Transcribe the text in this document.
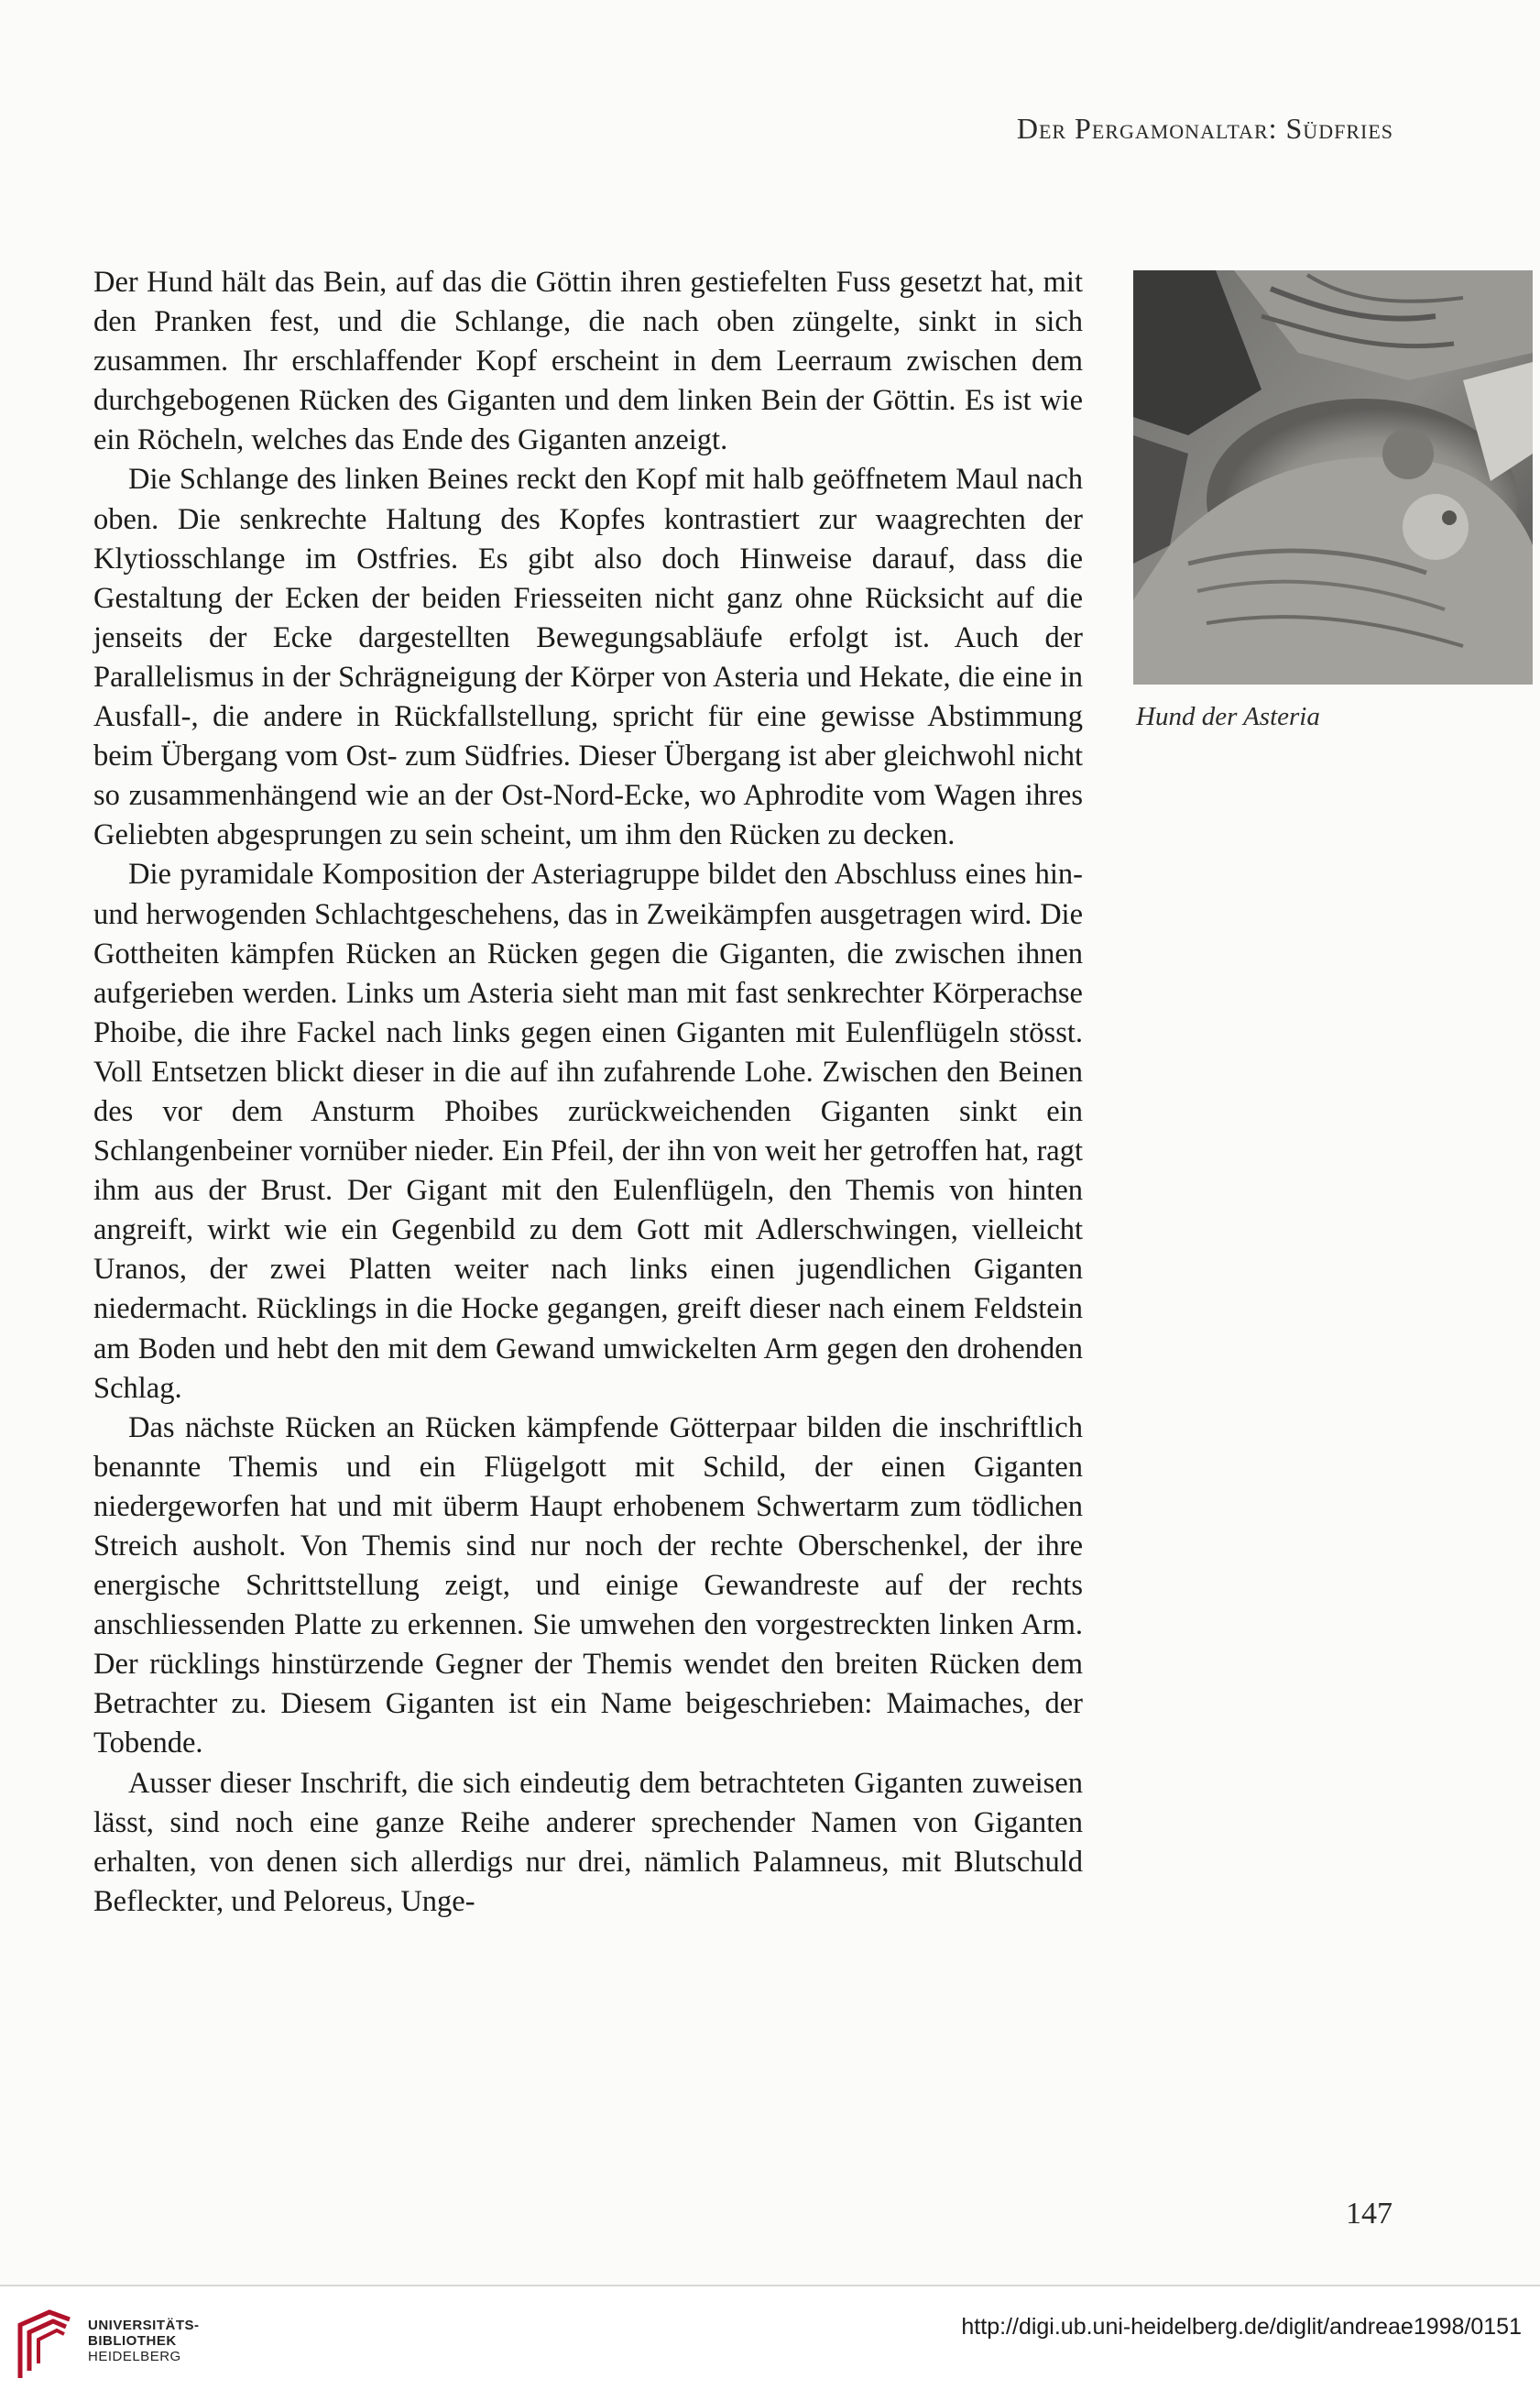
Der Pergamonaltar: Südfries

Der Hund hält das Bein, auf das die Göttin ihren gestiefelten Fuss gesetzt hat, mit den Pranken fest, und die Schlange, die nach oben züngelte, sinkt in sich zusammen. Ihr erschlaffender Kopf erscheint in dem Leerraum zwischen dem durchgebogenen Rücken des Giganten und dem linken Bein der Göttin. Es ist wie ein Röcheln, welches das Ende des Giganten anzeigt.

Die Schlange des linken Beines reckt den Kopf mit halb geöffnetem Maul nach oben. Die senkrechte Haltung des Kopfes kontrastiert zur waagrechten der Klytiosschlange im Ostfries. Es gibt also doch Hinweise darauf, dass die Gestaltung der Ecken der beiden Friesseiten nicht ganz ohne Rücksicht auf die jenseits der Ecke dargestellten Bewegungsabläufe erfolgt ist. Auch der Parallelismus in der Schrägneigung der Körper von Asteria und Hekate, die eine in Ausfall-, die andere in Rückfallstellung, spricht für eine gewisse Abstimmung beim Übergang vom Ost- zum Südfries. Dieser Übergang ist aber gleichwohl nicht so zusammenhängend wie an der Ost-Nord-Ecke, wo Aphrodite vom Wagen ihres Geliebten abgesprungen zu sein scheint, um ihm den Rücken zu decken.

Die pyramidale Komposition der Asteriagruppe bildet den Abschluss eines hin- und herwogenden Schlachtgeschehens, das in Zweikämpfen ausgetragen wird. Die Gottheiten kämpfen Rücken an Rücken gegen die Giganten, die zwischen ihnen aufgerieben werden. Links um Asteria sieht man mit fast senkrechter Körperachse Phoibe, die ihre Fackel nach links gegen einen Giganten mit Eulenflügeln stösst. Voll Entsetzen blickt dieser in die auf ihn zufahrende Lohe. Zwischen den Beinen des vor dem Ansturm Phoibes zurückweichenden Giganten sinkt ein Schlangenbeiner vornüber nieder. Ein Pfeil, der ihn von weit her getroffen hat, ragt ihm aus der Brust. Der Gigant mit den Eulenflügeln, den Themis von hinten angreift, wirkt wie ein Gegenbild zu dem Gott mit Adlerschwingen, vielleicht Uranos, der zwei Platten weiter nach links einen jugendlichen Giganten niedermacht. Rücklings in die Hocke gegangen, greift dieser nach einem Feldstein am Boden und hebt den mit dem Gewand umwickelten Arm gegen den drohenden Schlag.

Das nächste Rücken an Rücken kämpfende Götterpaar bilden die inschriftlich benannte Themis und ein Flügelgott mit Schild, der einen Giganten niedergeworfen hat und mit überm Haupt erhobenem Schwertarm zum tödlichen Streich ausholt. Von Themis sind nur noch der rechte Oberschenkel, der ihre energische Schrittstellung zeigt, und einige Gewandreste auf der rechts anschliessenden Platte zu erkennen. Sie umwehen den vorgestreckten linken Arm. Der rücklings hinstürzende Gegner der Themis wendet den breiten Rücken dem Betrachter zu. Diesem Giganten ist ein Name beigeschrieben: Maimaches, der Tobende.

Ausser dieser Inschrift, die sich eindeutig dem betrachteten Giganten zuweisen lässt, sind noch eine ganze Reihe anderer sprechender Namen von Giganten erhalten, von denen sich allerdigs nur drei, nämlich Palamneus, mit Blutschuld Befleckter, und Peloreus, Unge-

Hund der Asteria
147
UNIVERSITÄTS-
BIBLIOTHEK
HEIDELBERG
http://digi.ub.uni-heidelberg.de/diglit/andreae1998/0151
